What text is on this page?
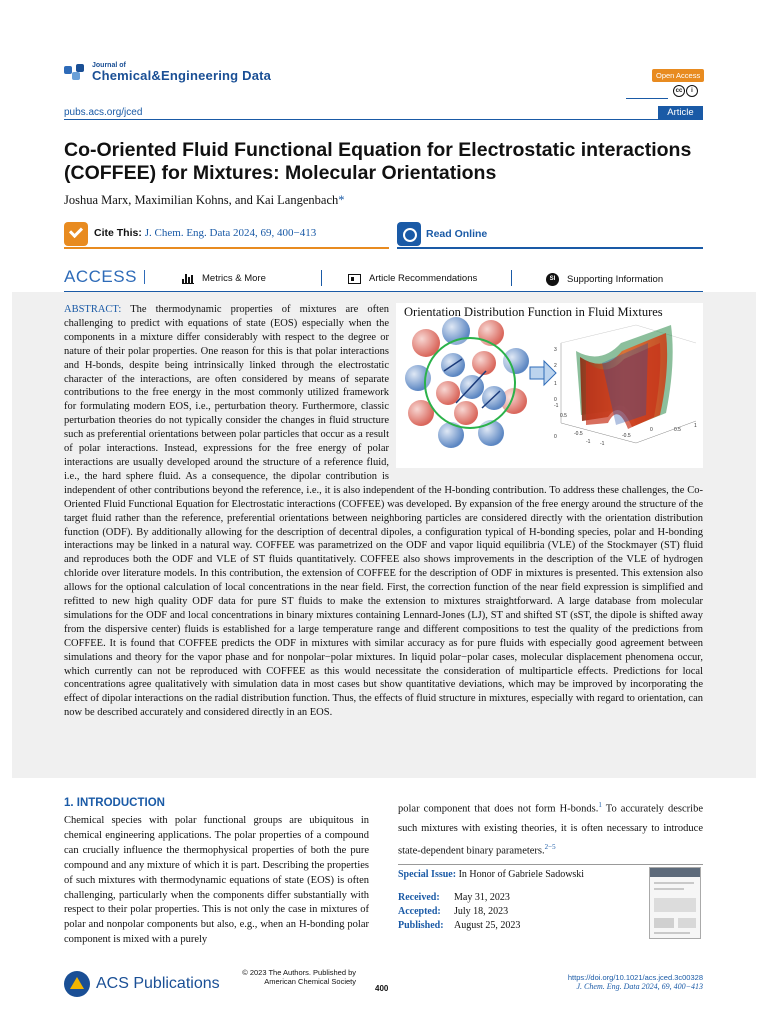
Journal of
Chemical&Engineering Data	Open Access
cc	i
pubs.acs.org/jced	Article
Co-Oriented Fluid Functional Equation for Electrostatic interactions (COFFEE) for Mixtures: Molecular Orientations
Joshua Marx, Maximilian Kohns, and Kai Langenbach*
Cite This: J. Chem. Eng. Data 2024, 69, 400−413	Read Online
ACCESS	Metrics & More	Article Recommendations	SI	Supporting Information
ABSTRACT: The thermodynamic properties of mixtures are often challenging to predict with equations of state (EOS) especially when the components in a mixture differ considerably with respect to the degree or nature of their polar properties. One reason for this is that polar interactions and H-bonds, despite being intrinsically linked through the electrostatic character of the interactions, are often considered by means of separate contributions to the free energy in the most commonly utilized framework for formulating modern EOS, i.e., perturbation theory. Furthermore, classic perturbation theories do not typically consider the changes in fluid structure such as preferential orientations between polar particles that occur as a result of polar interactions. Instead, expressions for the free energy of polar interactions are usually developed around the structure of a reference fluid, i.e., the hard sphere fluid. As a consequence, the dipolar contribution is independent of other contributions beyond the reference, i.e., it is also independent of the H-bonding contribution. To address these challenges, the Co-Oriented Fluid Functional Equation for Electrostatic interactions (COFFEE) was developed. By expansion of the free energy around the structure of the target fluid rather than the reference, preferential orientations between neighboring particles are considered directly with the orientation distribution function (ODF). By additionally allowing for the description of decentral dipoles, a configuration typical of H-bonding species, polar and H-bonding interactions may be linked in a natural way. COFFEE was parametrized on the ODF and vapor liquid equilibria (VLE) of the Stockmayer (ST) fluid and reproduces both the ODF and VLE of ST fluids quantitatively. COFFEE also shows improvements in the description of the VLE of hydrogen chloride over literature models. In this contribution, the extension of COFFEE for the description of ODF in mixtures is presented. This extension also allows for the optional calculation of local concentrations in the near field. First, the correction function of the near field expression is simplified and refitted to new high quality ODF data for pure ST fluids to make the extension to mixtures straightforward. A large database from molecular simulations for the ODF and local concentrations in binary mixtures containing Lennard-Jones (LJ), ST and shifted ST (sST, the dipole is shifted away from the dispersive center) fluids is established for a large temperature range and different compositions to test the quality of the predictions from COFFEE. It is found that COFFEE predicts the ODF in mixtures with similar accuracy as for pure fluids with especially good agreement between simulations and theory for the vapor phase and for nonpolar−polar mixtures. In liquid polar−polar cases, molecular displacement phenomena occur, which currently can not be reproduced with COFFEE as this would necessitate the consideration of multiparticle effects. Predictions for local concentrations agree qualitatively with simulation data in most cases but show quantitative deviations, which may be improved by incorporating the effect of dipolar interactions on the radial distribution function. Thus, the effects of fluid structure in mixtures, especially with regard to orientation, can now be described accurately and considered directly in an EOS.
3
2
1
0
-1
0.5
0	-0.5
-1 -1
-0.5
0	0.5
1
Orientation Distribution Function in Fluid Mixtures
1. INTRODUCTION
Chemical species with polar functional groups are ubiquitous in chemical engineering applications. The polar properties of a compound can crucially influence the thermophysical properties of both the pure compound and any mixture of which it is part. Describing the properties of such mixtures with thermodynamic equations of state (EOS) is often challenging, particularly when the components differ substantially with respect to their polar properties. This is not only the case in mixtures of polar and nonpolar components but also, e.g., when an H-bonding polar component is mixed with a purely
polar component that does not form H-bonds.$^1$ To accurately describe such mixtures with existing theories, it is often necessary to introduce state-dependent binary parameters.$^{2-5}$
Special Issue: In Honor of Gabriele Sadowski
Received: May 31, 2023
Accepted: July 18, 2023
Published: August 25, 2023
ACS Publications
© 2023 The Authors. Published by
American Chemical Society
400
https://doi.org/10.1021/acs.jced.3c00328
J. Chem. Eng. Data 2024, 69, 400−413
